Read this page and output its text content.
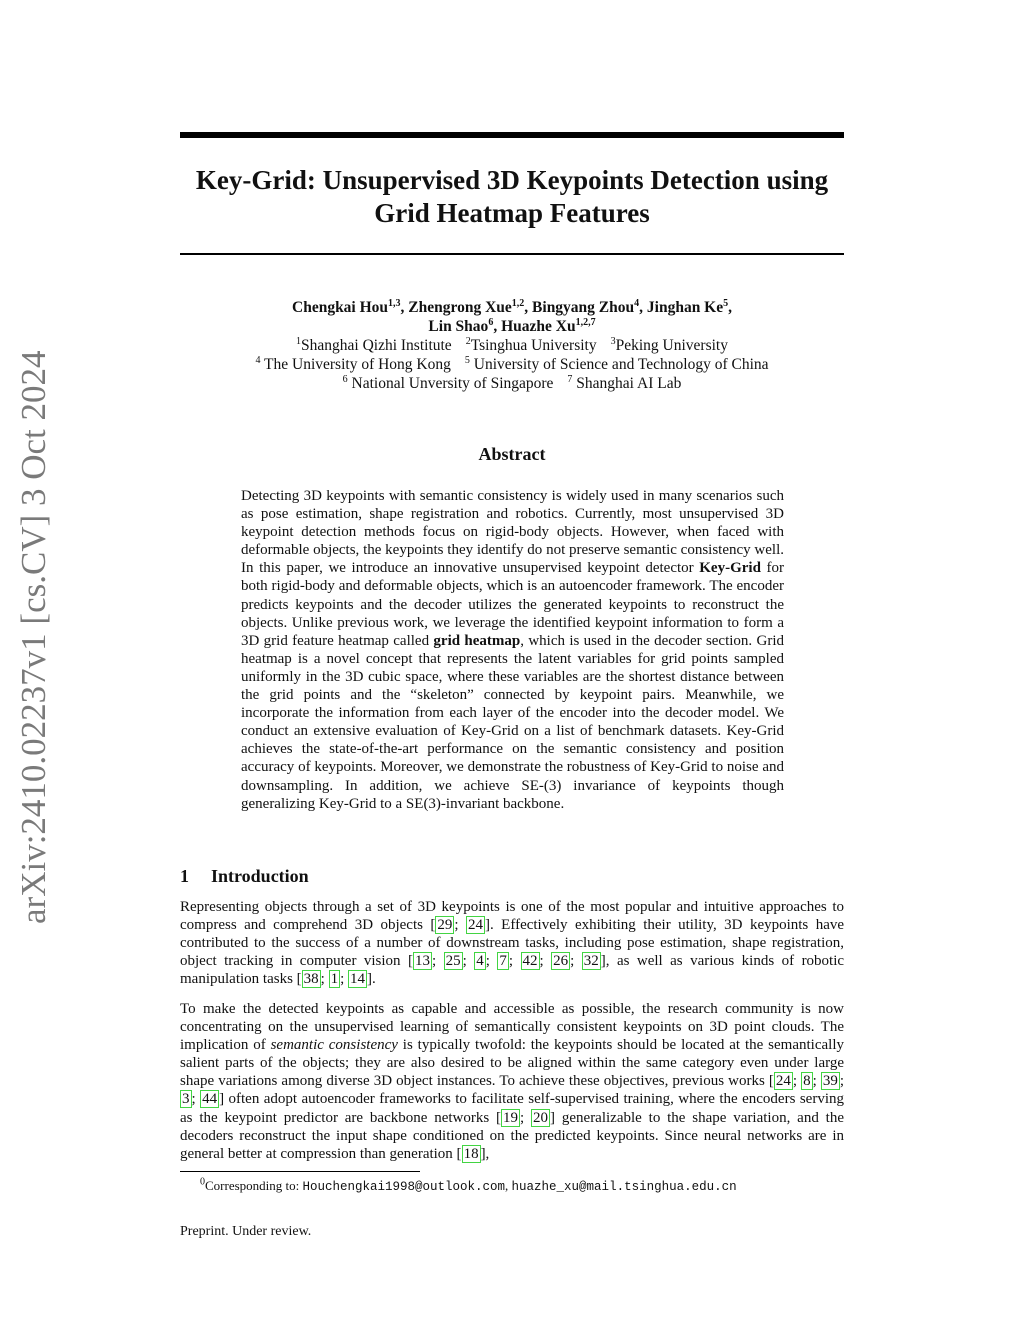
arXiv:2410.02237v1 [cs.CV] 3 Oct 2024
Key-Grid: Unsupervised 3D Keypoints Detection using
Grid Heatmap Features
Chengkai Hou$^{1,3}$, Zhengrong Xue$^{1,2}$, Bingyang Zhou$^4$, Jinghan Ke$^5$,
Lin Shao$^6$, Huazhe Xu$^{1,2,7}$
$^1$Shanghai Qizhi Institute $^2$Tsinghua University $^3$Peking University
$^4$ The University of Hong Kong $^5$ University of Science and Technology of China
$^6$ National Unversity of Singapore $^7$ Shanghai AI Lab
Abstract

Detecting 3D keypoints with semantic consistency is widely used in many scenarios such as pose estimation, shape registration and robotics. Currently, most unsupervised 3D keypoint detection methods focus on rigid-body objects. However, when faced with deformable objects, the keypoints they identify do not preserve semantic consistency well. In this paper, we introduce an innovative unsupervised keypoint detector Key-Grid for both rigid-body and deformable objects, which is an autoencoder framework. The encoder predicts keypoints and the decoder utilizes the generated keypoints to reconstruct the objects. Unlike previous work, we leverage the identified keypoint information to form a 3D grid feature heatmap called grid heatmap, which is used in the decoder section. Grid heatmap is a novel concept that represents the latent variables for grid points sampled uniformly in the 3D cubic space, where these variables are the shortest distance between the grid points and the “skeleton” connected by keypoint pairs. Meanwhile, we incorporate the information from each layer of the encoder into the decoder model. We conduct an extensive evaluation of Key-Grid on a list of benchmark datasets. Key-Grid achieves the state-of-the-art performance on the semantic consistency and position accuracy of keypoints. Moreover, we demonstrate the robustness of Key-Grid to noise and downsampling. In addition, we achieve SE-(3) invariance of keypoints though generalizing Key-Grid to a SE(3)-invariant backbone.

1 Introduction

Representing objects through a set of 3D keypoints is one of the most popular and intuitive approaches to compress and comprehend 3D objects [ 29 ; 24 ]. Effectively exhibiting their utility, 3D keypoints have contributed to the success of a number of downstream tasks, including pose estimation, shape registration, object tracking in computer vision [ 13 ; 25 ; 4 ; 7 ; 42 ; 26 ; 32 ], as well as various kinds of robotic manipulation tasks [ 38 ; 1 ; 14 ].

To make the detected keypoints as capable and accessible as possible, the research community is now concentrating on the unsupervised learning of semantically consistent keypoints on 3D point clouds. The implication of semantic consistency is typically twofold: the keypoints should be located at the semantically salient parts of the objects; they are also desired to be aligned within the same category even under large shape variations among diverse 3D object instances. To achieve these objectives, previous works [ 24 ; 8 ; 39 ; 3 ; 44 ] often adopt autoencoder frameworks to facilitate self-supervised training, where the encoders serving as the keypoint predictor are backbone networks [ 19 ; 20 ] generalizable to the shape variation, and the decoders reconstruct the input shape conditioned on the predicted keypoints. Since neural networks are in general better at compression than generation [ 18 ],

$^0$Corresponding to: Houchengkai1998@outlook.com, huazhe_xu@mail.tsinghua.edu.cn

Preprint. Under review.
